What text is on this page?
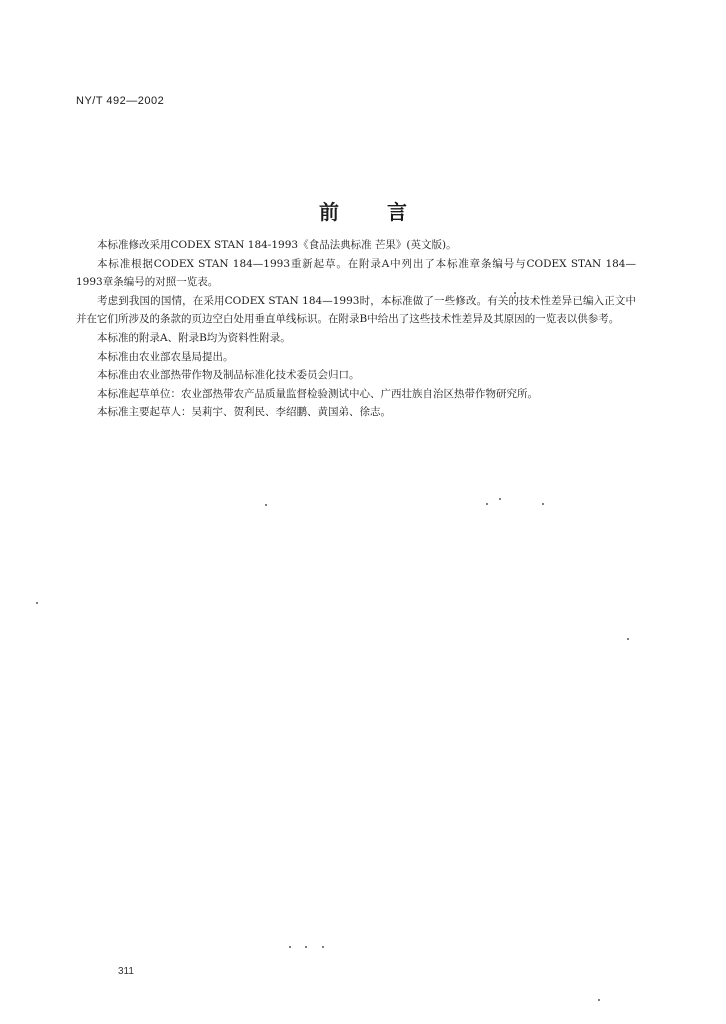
NY/T 492—2002
前言

本标准修改采用CODEX STAN 184-1993《食品法典标准 芒果》(英文版)。

本标准根据CODEX STAN 184—1993重新起草。在附录A中列出了本标准章条编号与CODEX STAN 184—1993章条编号的对照一览表。

考虑到我国的国情，在采用CODEX STAN 184—1993时，本标准做了一些修改。有关的技术性差异已编入正文中并在它们所涉及的条款的页边空白处用垂直单线标识。在附录B中给出了这些技术性差异及其原因的一览表以供参考。

本标准的附录A、附录B均为资料性附录。

本标准由农业部农垦局提出。

本标准由农业部热带作物及制品标准化技术委员会归口。

本标准起草单位：农业部热带农产品质量监督检验测试中心、广西壮族自治区热带作物研究所。

本标准主要起草人：吴莉宇、贺利民、李绍鹏、黄国弟、徐志。

311
